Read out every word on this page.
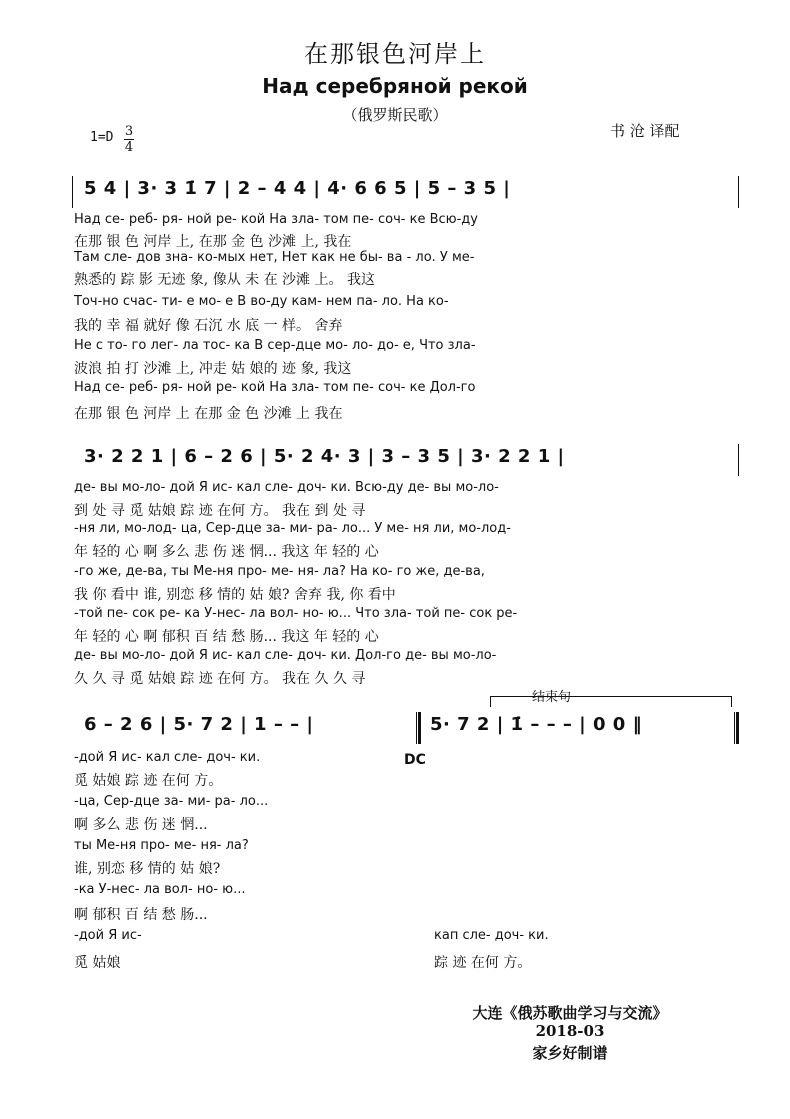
在那银色河岸上
Над серебряной рекой
（俄罗斯民歌）
1=D 3
4
书 沧 译配
5 4 | 3· 3 1̇ 7 | 2 – 4 4 | 4· 6 6 5 | 5 – 3 5 |
Над се- реб- ря- ной ре- кой На зла- том пе- соч- ке Всю-ду
在那 银 色 河岸 上, 在那 金 色 沙滩 上, 我在
Там сле- дов зна- ко-мых нет, Нет как не бы- ва - ло. У ме-
熟悉的 踪 影 无迹 象, 像从 未 在 沙滩 上。 我这
Точ-но счас- ти- е мо- е В во-ду кам- нем па- ло. На ко-
我的 幸 福 就好 像 石沉 水 底 一 样。 舍弃
Не с то- го лег- ла тос- ка В сер-дце мо- ло- до- е, Что зла-
波浪 拍 打 沙滩 上, 冲走 姑 娘的 迹 象, 我这
Над се- реб- ря- ной ре- кой На зла- том пе- соч- ке Дол-го
在那 银 色 河岸 上 在那 金 色 沙滩 上 我在
3· 2 2 1 | 6 – 2 6 | 5· 2 4· 3 | 3 – 3 5 | 3· 2 2 1 |
де- вы мо-ло- дой Я ис- кал сле- доч- ки. Всю-ду де- вы мо-ло-
到 处 寻 觅 姑娘 踪 迹 在何 方。 我在 到 处 寻
-ня ли, мо-лод- ца, Сер-дце за- ми- ра- ло... У ме- ня ли, мо-лод-
年 轻的 心 啊 多么 悲 伤 迷 惘... 我这 年 轻的 心
-го же, де-ва, ты Ме-ня про- ме- ня- ла? На ко- го же, де-ва,
我 你 看中 谁, 别恋 移 情的 姑 娘? 舍弃 我, 你 看中
-той пе- сок ре- ка У-нес- ла вол- но- ю... Что зла- той пе- сок ре-
年 轻的 心 啊 郁积 百 结 愁 肠... 我这 年 轻的 心
де- вы мо-ло- дой Я ис- кал сле- доч- ки. Дол-го де- вы мо-ло-
久 久 寻 觅 姑娘 踪 迹 在何 方。 我在 久 久 寻
结束句
6 – 2 6 | 5· 7 2 | 1 – – |	5· 7 2 | 1̇ – – – | 0 0 ‖
DC
-дой Я ис- кал сле- доч- ки.
觅 姑娘 踪 迹 在何 方。
-ца, Сер-дце за- ми- ра- ло...
啊 多么 悲 伤 迷 惘...
ты Ме-ня про- ме- ня- ла?
谁, 别恋 移 情的 姑 娘?
-ка У-нес- ла вол- но- ю...
啊 郁积 百 结 愁 肠...
-дой Я ис-
觅 姑娘
кап сле- доч- ки.
踪 迹 在何 方。
大连《俄苏歌曲学习与交流》
2018-03
家乡好制谱
